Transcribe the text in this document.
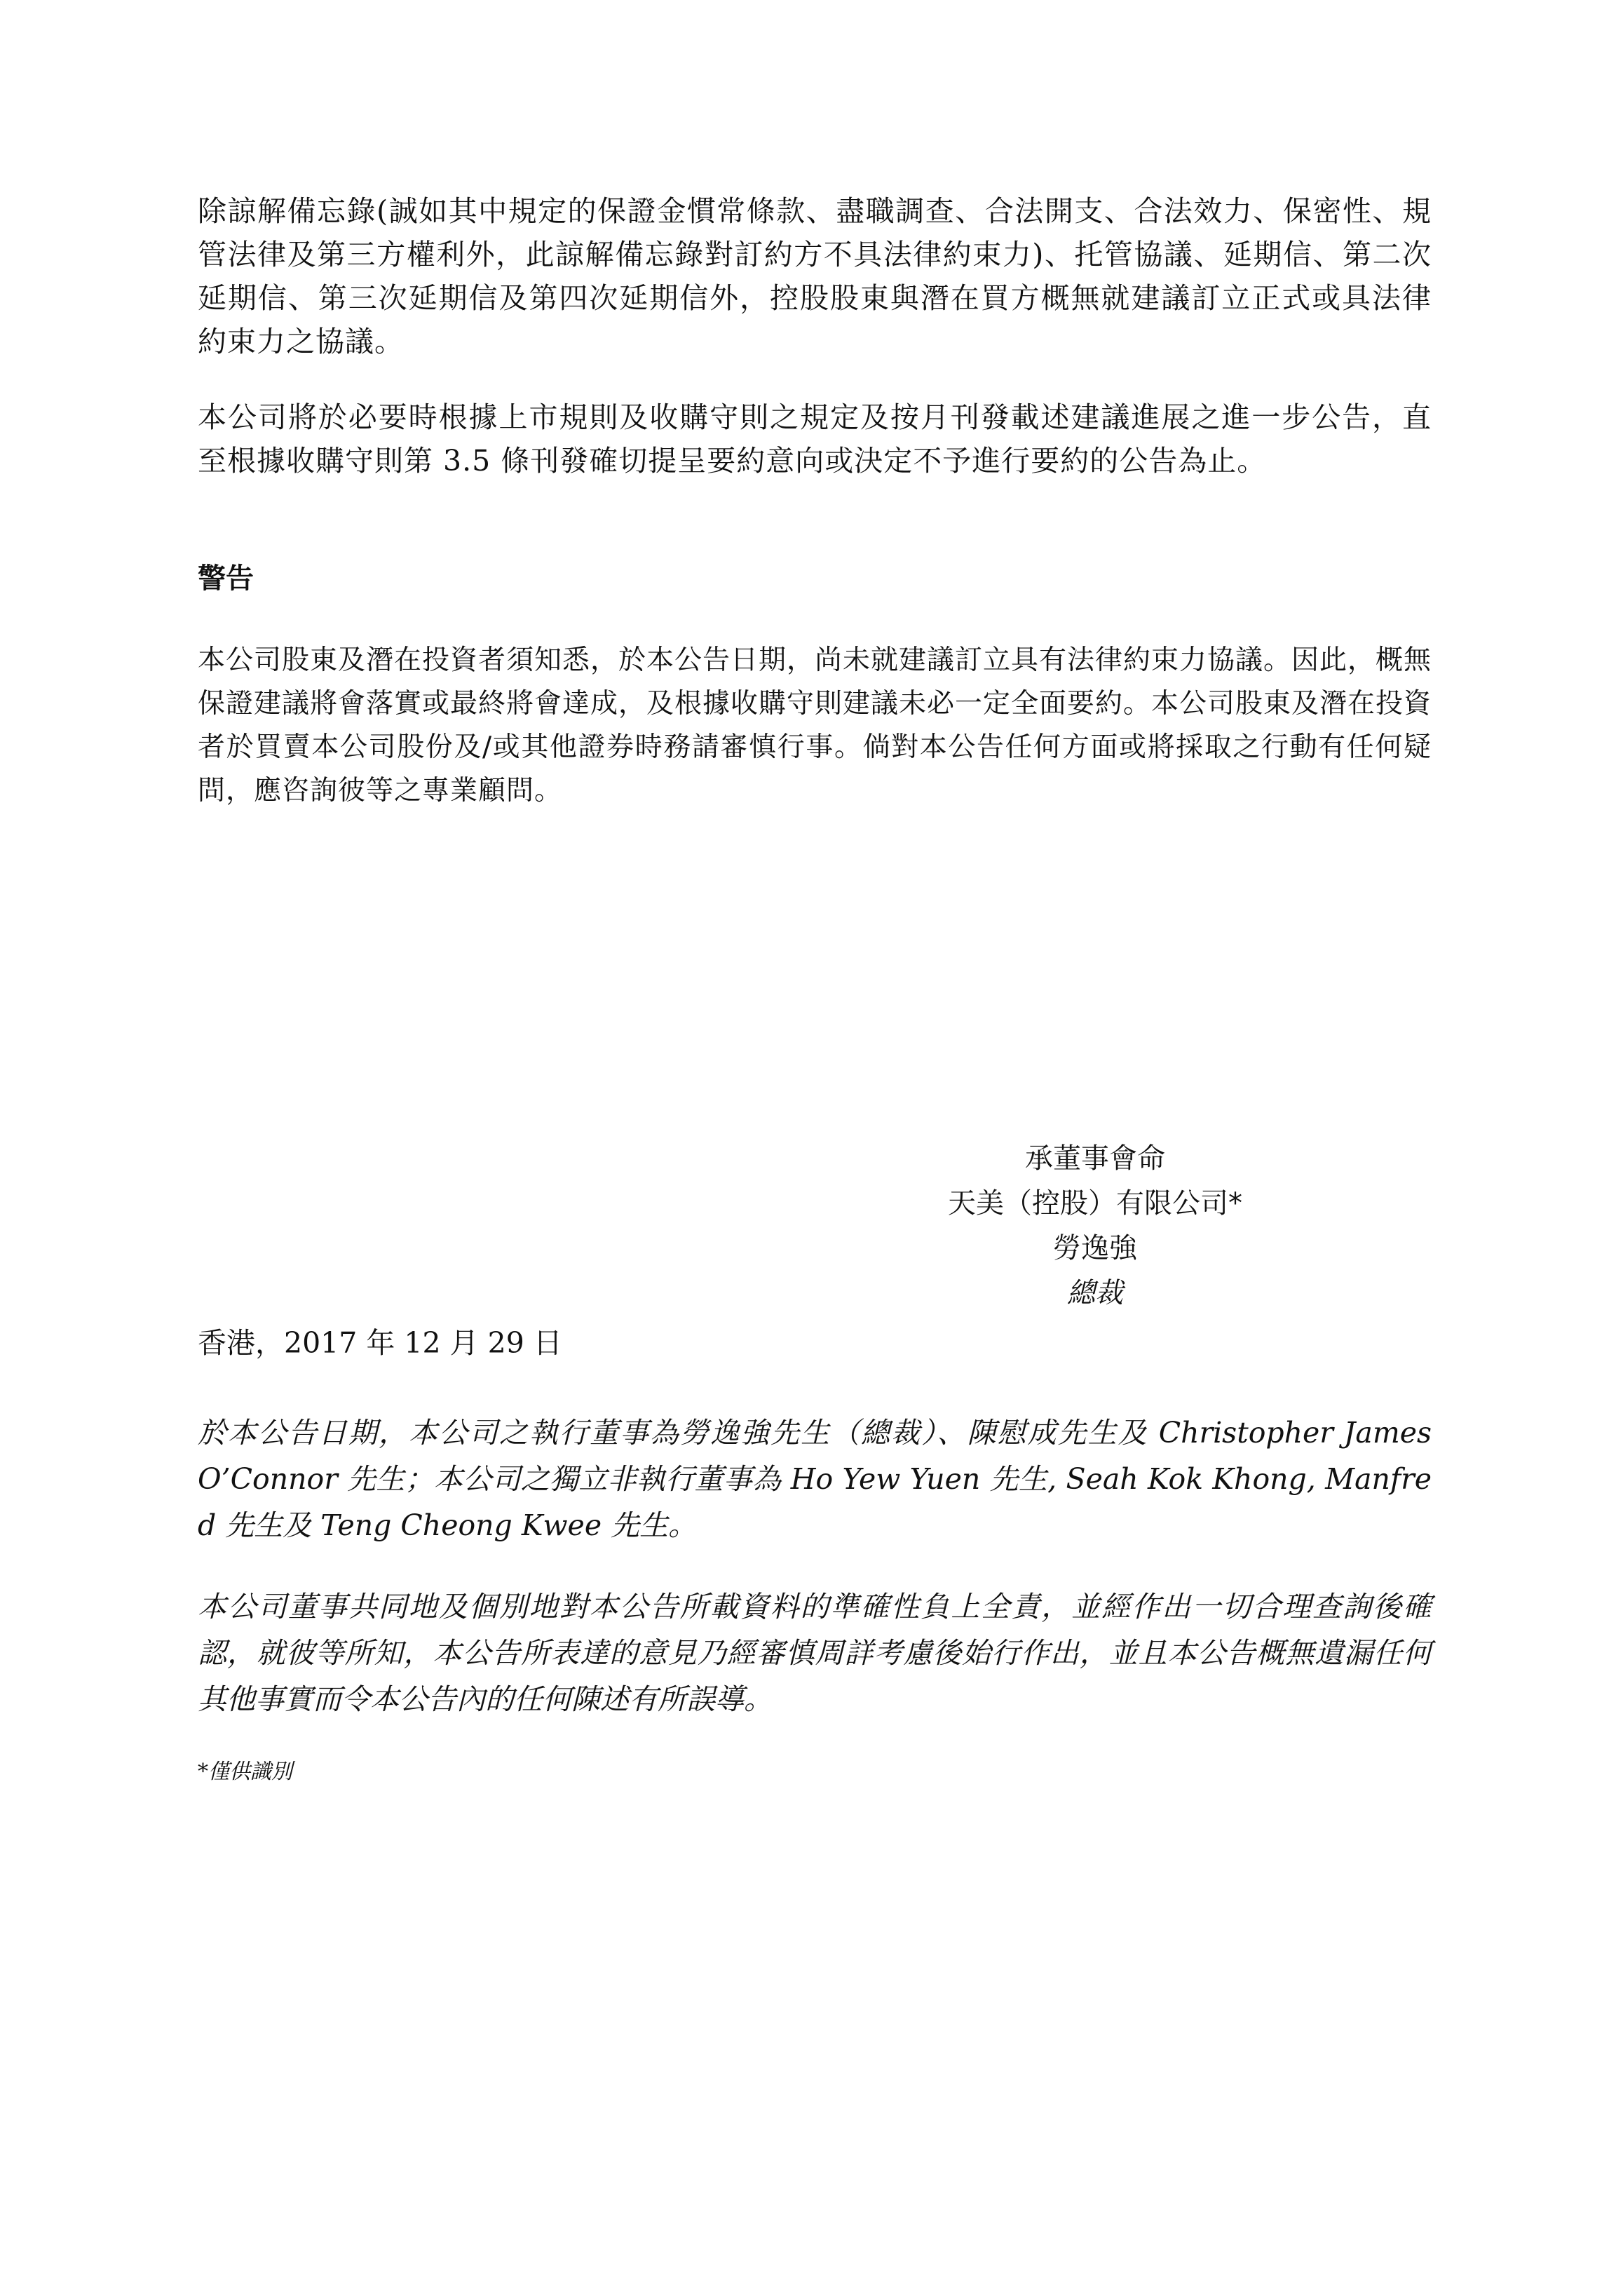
除諒解備忘錄(誠如其中規定的保證金慣常條款、盡職調查、合法開支、合法效力、保密性、規管法律及第三方權利外，此諒解備忘錄對訂約方不具法律約束力)、托管協議、延期信、第二次延期信、第三次延期信及第四次延期信外，控股股東與潛在買方概無就建議訂立正式或具法律約束力之協議。

本公司將於必要時根據上市規則及收購守則之規定及按月刊發載述建議進展之進一步公告，直至根據收購守則第 3.5 條刊發確切提呈要約意向或決定不予進行要約的公告為止。

警告

本公司股東及潛在投資者須知悉，於本公告日期，尚未就建議訂立具有法律約束力協議。因此，概無保證建議將會落實或最終將會達成，及根據收購守則建議未必一定全面要約。本公司股東及潛在投資者於買賣本公司股份及/或其他證券時務請審慎行事。倘對本公告任何方面或將採取之行動有任何疑問，應咨詢彼等之專業顧問。

承董事會命
天美（控股）有限公司*
勞逸強
總裁

香港，2017 年 12 月 29 日

於本公告日期，本公司之執行董事為勞逸強先生（總裁）、陳慰成先生及 Christopher James O’Connor 先生；本公司之獨立非執行董事為 Ho Yew Yuen 先生, Seah Kok Khong, Manfred 先生及 Teng Cheong Kwee 先生。

本公司董事共同地及個別地對本公告所載資料的準確性負上全責，並經作出一切合理查詢後確認，就彼等所知，本公告所表達的意見乃經審慎周詳考慮後始行作出，並且本公告概無遺漏任何其他事實而令本公告內的任何陳述有所誤導。

*僅供識別
